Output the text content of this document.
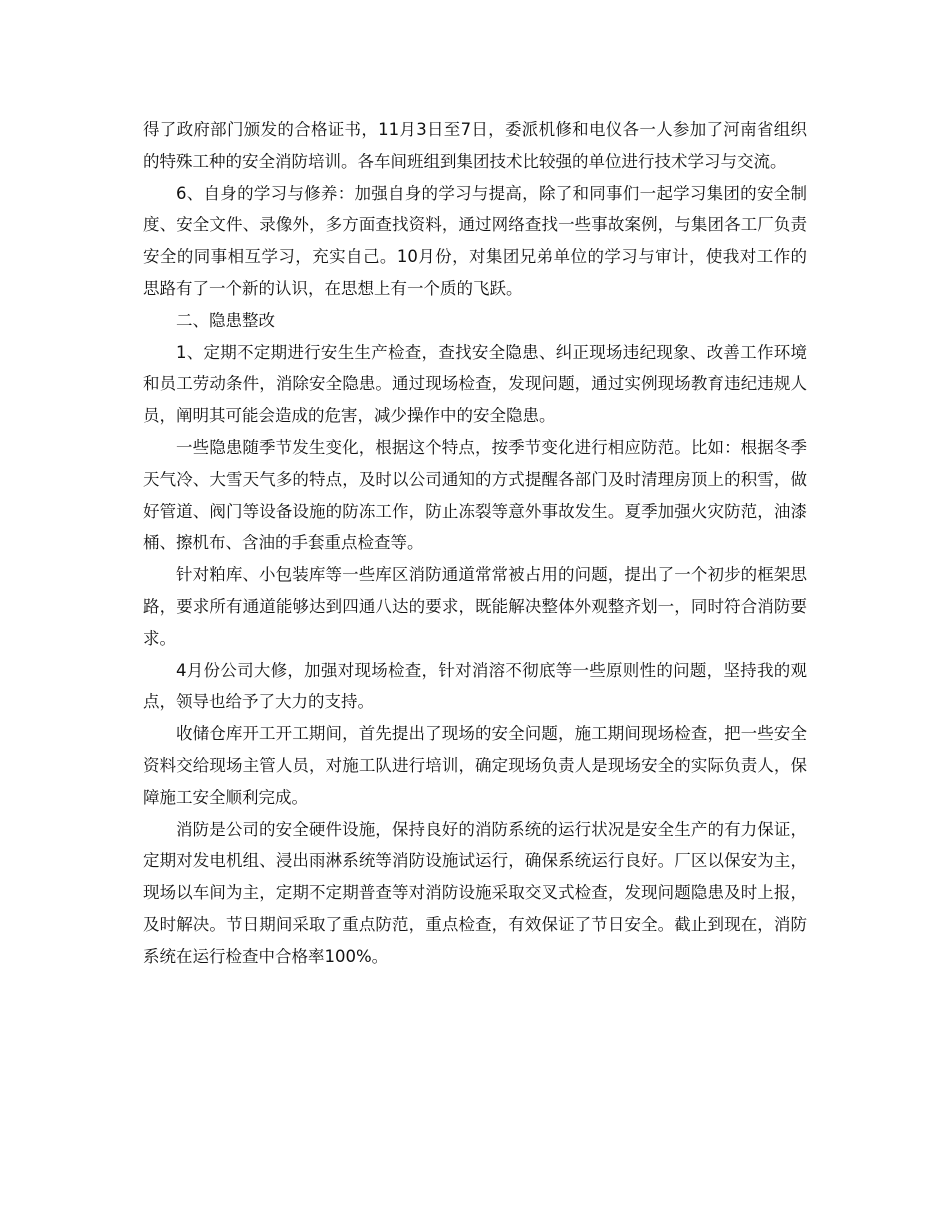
得了政府部门颁发的合格证书，11月3日至7日，委派机修和电仪各一人参加了河南省组织的特殊工种的安全消防培训。各车间班组到集团技术比较强的单位进行技术学习与交流。

6、自身的学习与修养：加强自身的学习与提高，除了和同事们一起学习集团的安全制度、安全文件、录像外，多方面查找资料，通过网络查找一些事故案例，与集团各工厂负责安全的同事相互学习，充实自己。10月份，对集团兄弟单位的学习与审计，使我对工作的思路有了一个新的认识，在思想上有一个质的飞跃。

二、隐患整改

1、定期不定期进行安生生产检查，查找安全隐患、纠正现场违纪现象、改善工作环境和员工劳动条件，消除安全隐患。通过现场检查，发现问题，通过实例现场教育违纪违规人员，阐明其可能会造成的危害，减少操作中的安全隐患。

一些隐患随季节发生变化，根据这个特点，按季节变化进行相应防范。比如：根据冬季天气冷、大雪天气多的特点，及时以公司通知的方式提醒各部门及时清理房顶上的积雪，做好管道、阀门等设备设施的防冻工作，防止冻裂等意外事故发生。夏季加强火灾防范，油漆桶、擦机布、含油的手套重点检查等。

针对粕库、小包装库等一些库区消防通道常常被占用的问题，提出了一个初步的框架思路，要求所有通道能够达到四通八达的要求，既能解决整体外观整齐划一，同时符合消防要求。

4月份公司大修，加强对现场检查，针对消溶不彻底等一些原则性的问题，坚持我的观点，领导也给予了大力的支持。

收储仓库开工开工期间，首先提出了现场的安全问题，施工期间现场检查，把一些安全资料交给现场主管人员，对施工队进行培训，确定现场负责人是现场安全的实际负责人，保障施工安全顺利完成。

消防是公司的安全硬件设施，保持良好的消防系统的运行状况是安全生产的有力保证，定期对发电机组、浸出雨淋系统等消防设施试运行，确保系统运行良好。厂区以保安为主，现场以车间为主，定期不定期普查等对消防设施采取交叉式检查，发现问题隐患及时上报，及时解决。节日期间采取了重点防范，重点检查，有效保证了节日安全。截止到现在，消防系统在运行检查中合格率100%。
